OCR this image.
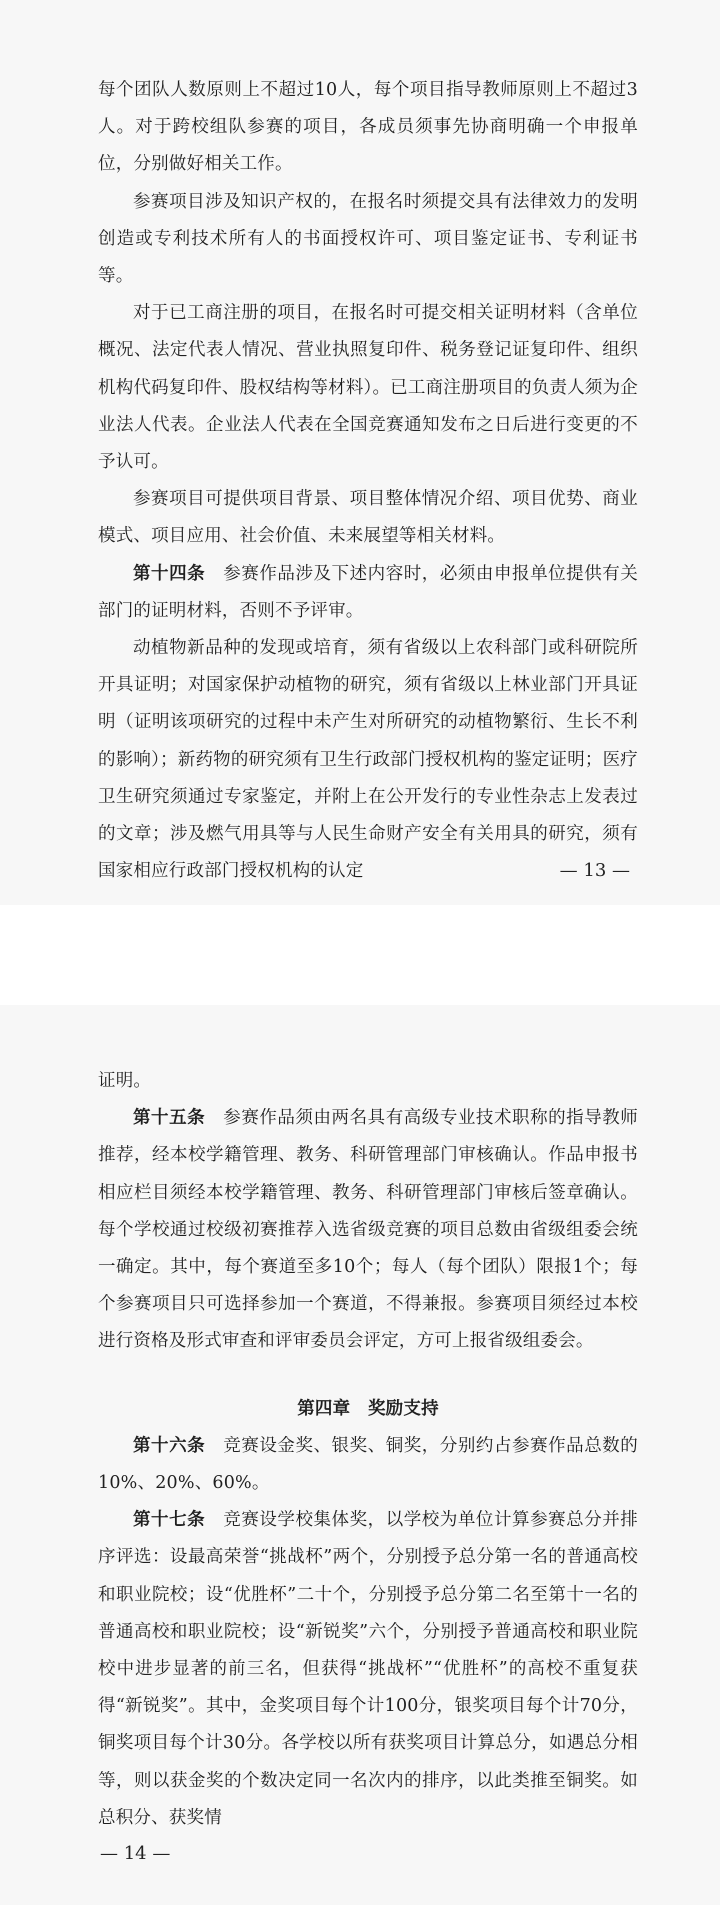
每个团队人数原则上不超过10人，每个项目指导教师原则上不超过3人。对于跨校组队参赛的项目，各成员须事先协商明确一个申报单位，分别做好相关工作。

参赛项目涉及知识产权的，在报名时须提交具有法律效力的发明创造或专利技术所有人的书面授权许可、项目鉴定证书、专利证书等。

对于已工商注册的项目，在报名时可提交相关证明材料（含单位概况、法定代表人情况、营业执照复印件、税务登记证复印件、组织机构代码复印件、股权结构等材料）。已工商注册项目的负责人须为企业法人代表。企业法人代表在全国竞赛通知发布之日后进行变更的不予认可。

参赛项目可提供项目背景、项目整体情况介绍、项目优势、商业模式、项目应用、社会价值、未来展望等相关材料。

第十四条　 参赛作品涉及下述内容时，必须由申报单位提供有关部门的证明材料，否则不予评审。

动植物新品种的发现或培育，须有省级以上农科部门或科研院所开具证明；对国家保护动植物的研究，须有省级以上林业部门开具证明（证明该项研究的过程中未产生对所研究的动植物繁衍、生长不利的影响）；新药物的研究须有卫生行政部门授权机构的鉴定证明；医疗卫生研究须通过专家鉴定，并附上在公开发行的专业性杂志上发表过的文章；涉及燃气用具等与人民生命财产安全有关用具的研究，须有国家相应行政部门授权机构的认定	— 13 —

证明。

第十五条　 参赛作品须由两名具有高级专业技术职称的指导教师推荐，经本校学籍管理、教务、科研管理部门审核确认。作品申报书相应栏目须经本校学籍管理、教务、科研管理部门审核后签章确认。每个学校通过校级初赛推荐入选省级竞赛的项目总数由省级组委会统一确定。其中，每个赛道至多10个；每人（每个团队）限报1个；每个参赛项目只可选择参加一个赛道，不得兼报。参赛项目须经过本校进行资格及形式审查和评审委员会评定，方可上报省级组委会。

第四章　奖励支持

第十六条　 竞赛设金奖、银奖、铜奖，分别约占参赛作品总数的10%、20%、60%。

第十七条　 竞赛设学校集体奖，以学校为单位计算参赛总分并排序评选：设最高荣誉“挑战杯”两个，分别授予总分第一名的普通高校和职业院校；设“优胜杯”二十个，分别授予总分第二名至第十一名的普通高校和职业院校；设“新锐奖”六个，分别授予普通高校和职业院校中进步显著的前三名，但获得“挑战杯”“优胜杯”的高校不重复获得“新锐奖”。其中，金奖项目每个计100分，银奖项目每个计70分，铜奖项目每个计30分。各学校以所有获奖项目计算总分，如遇总分相等，则以获金奖的个数决定同一名次内的排序，以此类推至铜奖。如总积分、获奖情

— 14 —
